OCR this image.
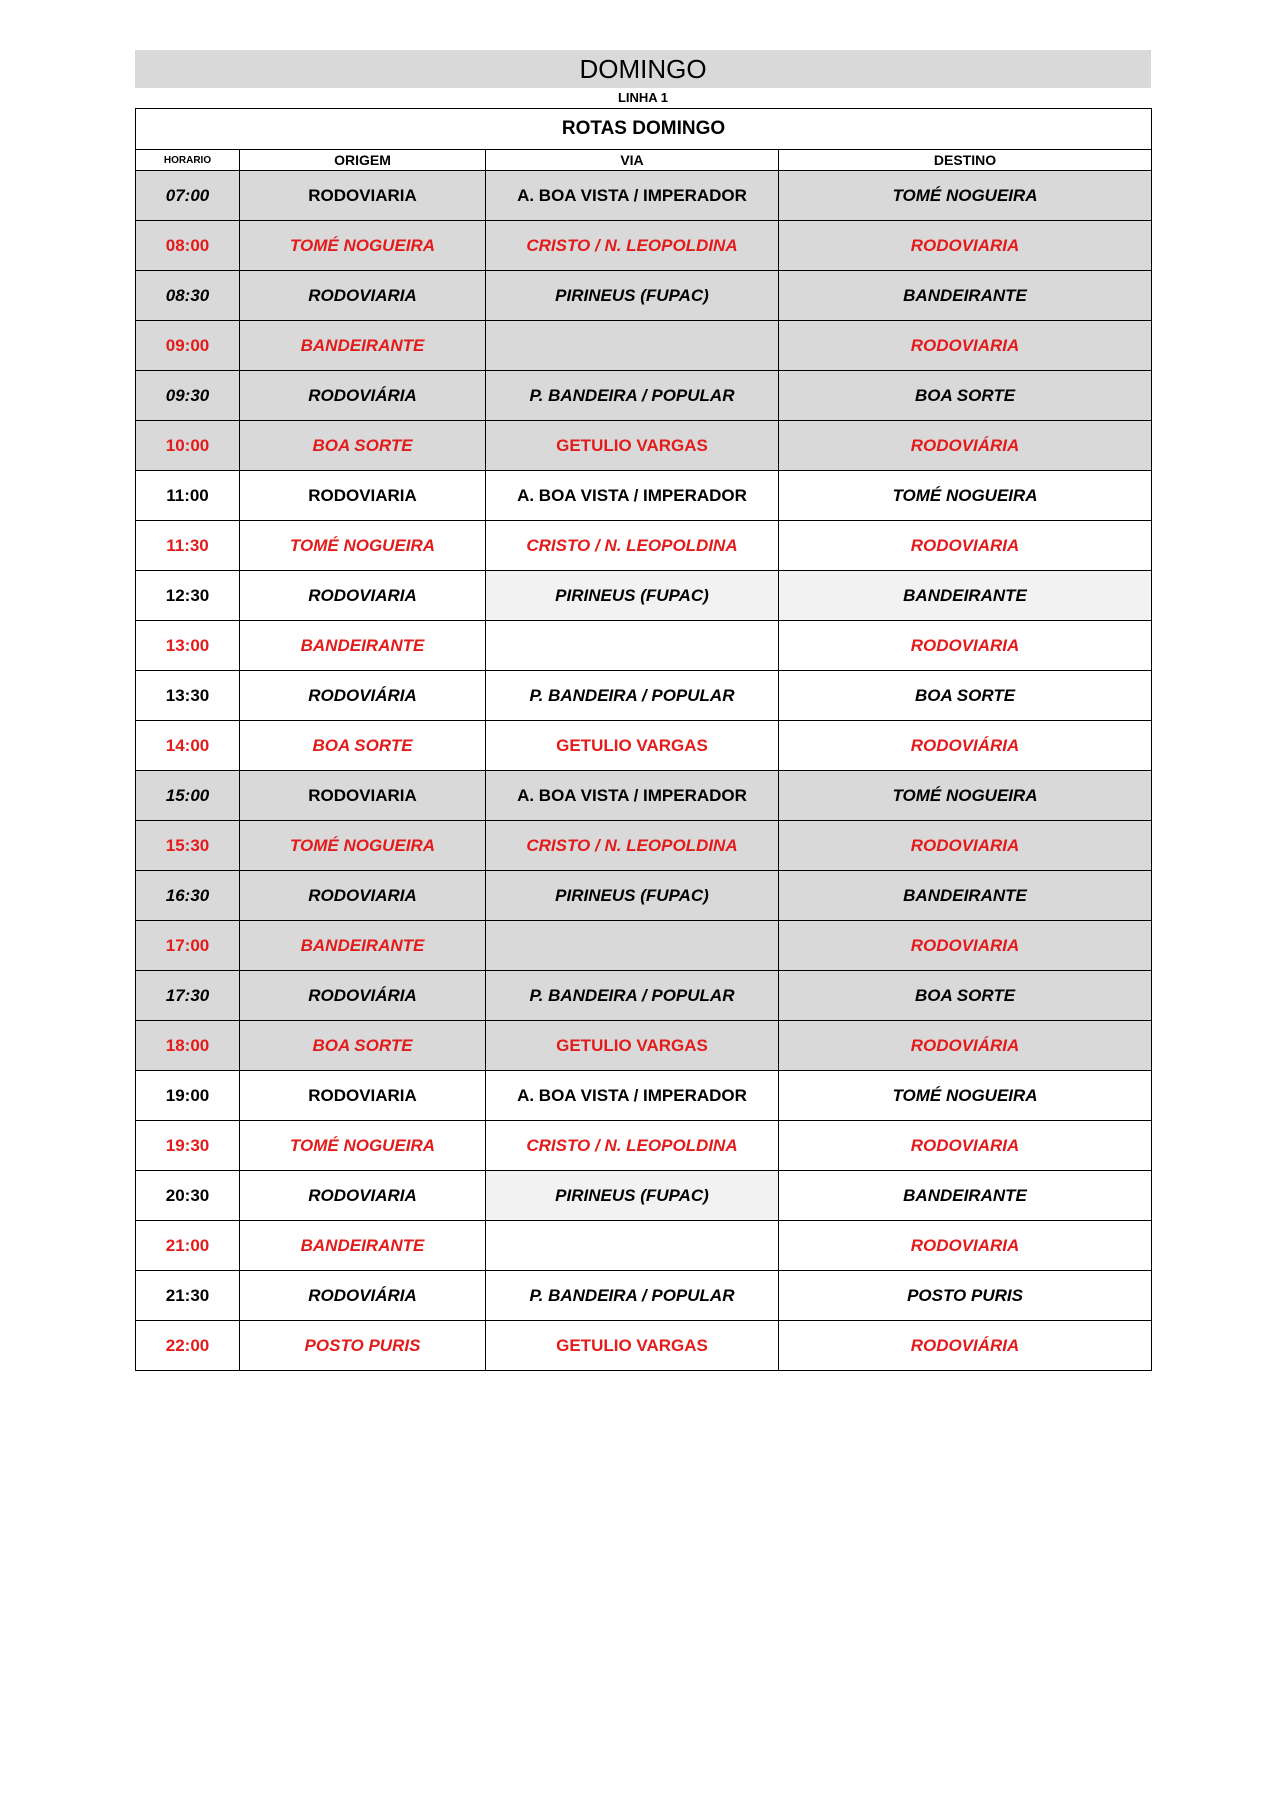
DOMINGO
LINHA 1
ROTAS DOMINGO			
HORARIO	ORIGEM	VIA	DESTINO
07:00	RODOVIARIA	A. BOA VISTA / IMPERADOR	TOMÉ NOGUEIRA
08:00	TOMÉ NOGUEIRA	CRISTO / N. LEOPOLDINA	RODOVIARIA
08:30	RODOVIARIA	PIRINEUS (FUPAC)	BANDEIRANTE
09:00	BANDEIRANTE		RODOVIARIA
09:30	RODOVIÁRIA	P. BANDEIRA / POPULAR	BOA SORTE
10:00	BOA SORTE	GETULIO VARGAS	RODOVIÁRIA
11:00	RODOVIARIA	A. BOA VISTA / IMPERADOR	TOMÉ NOGUEIRA
11:30	TOMÉ NOGUEIRA	CRISTO / N. LEOPOLDINA	RODOVIARIA
12:30	RODOVIARIA	PIRINEUS (FUPAC)	BANDEIRANTE
13:00	BANDEIRANTE		RODOVIARIA
13:30	RODOVIÁRIA	P. BANDEIRA / POPULAR	BOA SORTE
14:00	BOA SORTE	GETULIO VARGAS	RODOVIÁRIA
15:00	RODOVIARIA	A. BOA VISTA / IMPERADOR	TOMÉ NOGUEIRA
15:30	TOMÉ NOGUEIRA	CRISTO / N. LEOPOLDINA	RODOVIARIA
16:30	RODOVIARIA	PIRINEUS (FUPAC)	BANDEIRANTE
17:00	BANDEIRANTE		RODOVIARIA
17:30	RODOVIÁRIA	P. BANDEIRA / POPULAR	BOA SORTE
18:00	BOA SORTE	GETULIO VARGAS	RODOVIÁRIA
19:00	RODOVIARIA	A. BOA VISTA / IMPERADOR	TOMÉ NOGUEIRA
19:30	TOMÉ NOGUEIRA	CRISTO / N. LEOPOLDINA	RODOVIARIA
20:30	RODOVIARIA	PIRINEUS (FUPAC)	BANDEIRANTE
21:00	BANDEIRANTE		RODOVIARIA
21:30	RODOVIÁRIA	P. BANDEIRA / POPULAR	POSTO PURIS
22:00	POSTO PURIS	GETULIO VARGAS	RODOVIÁRIA
